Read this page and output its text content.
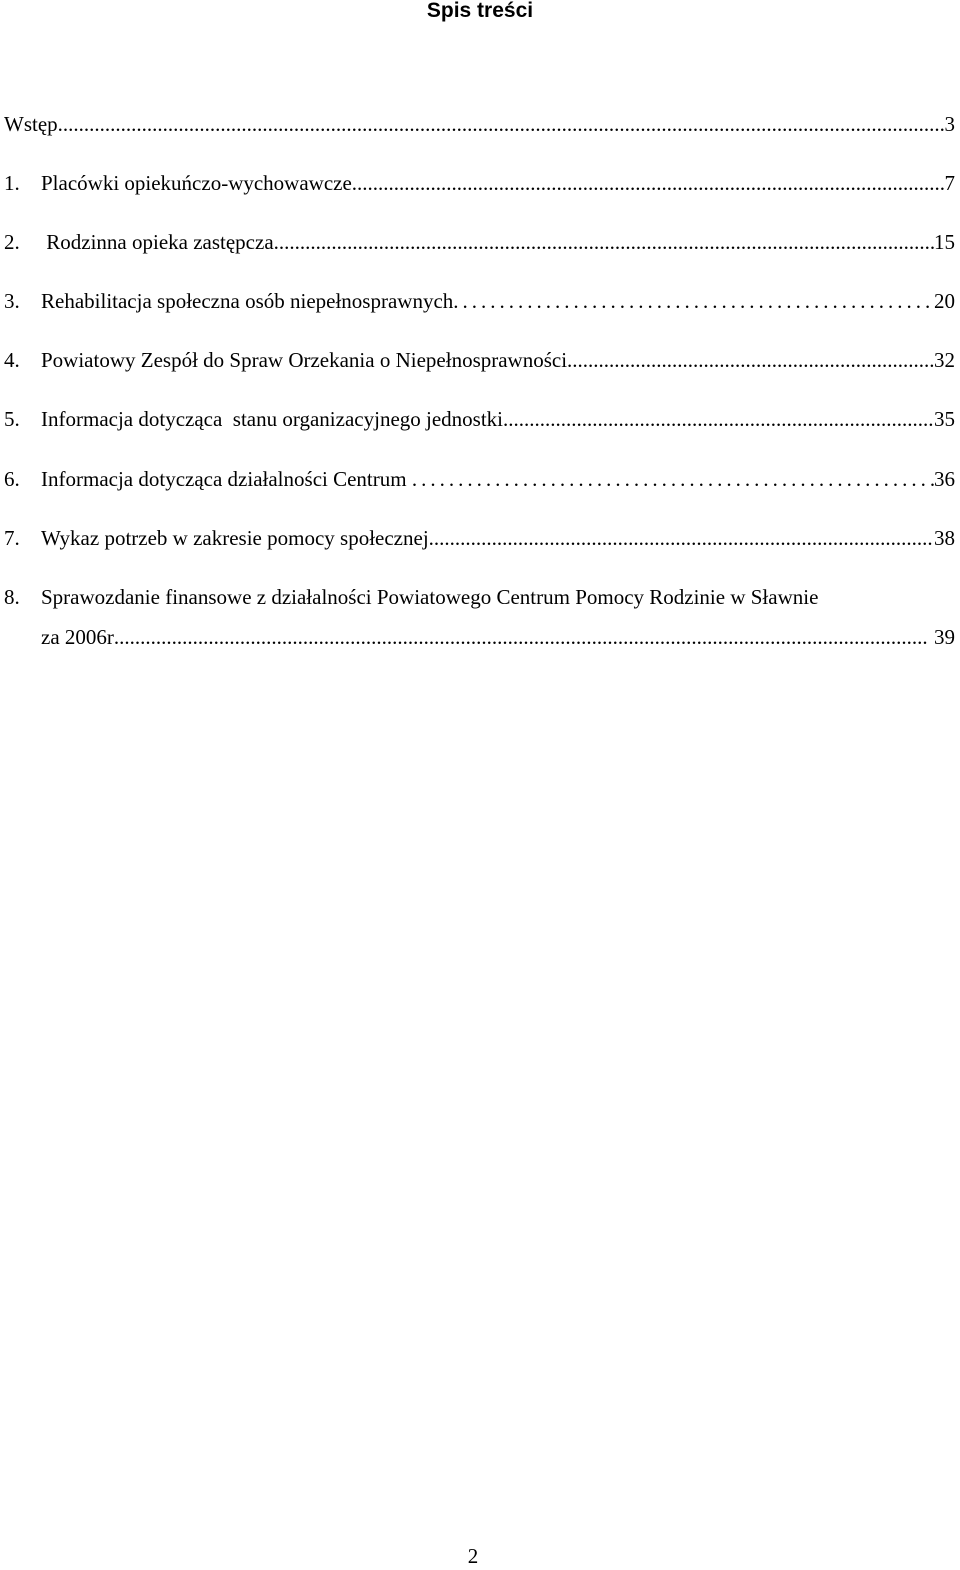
Spis treści
Wstęp .....	3
1.	Placówki opiekuńczo-wychowawcze .....	7
2.	Rodzinna opieka zastępcza .....	15
3.	Rehabilitacja społeczna osób niepełnosprawnych .....	20
4.	Powiatowy Zespół do Spraw Orzekania o Niepełnosprawności .....	32
5.	Informacja dotycząca  stanu organizacyjnego jednostki .....	35
6.	Informacja dotycząca działalności Centrum .....	36
7.	Wykaz potrzeb w zakresie pomocy społecznej .....	38
8.	Sprawozdanie finansowe z działalności Powiatowego Centrum Pomocy Rodzinie w Sławnie
za 2006r .....	39
2
